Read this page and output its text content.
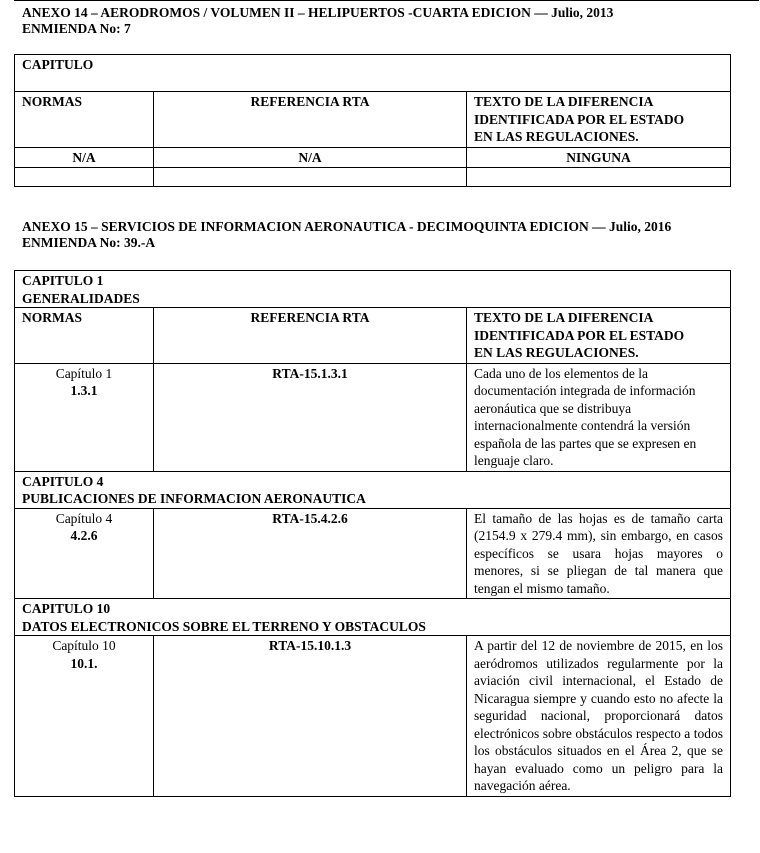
ANEXO 14 – AERODROMOS / VOLUMEN II – HELIPUERTOS -CUARTA EDICION — Julio, 2013
ENMIENDA No: 7
CAPITULO		
NORMAS	REFERENCIA RTA	TEXTO DE LA DIFERENCIA
IDENTIFICADA POR EL ESTADO
EN LAS REGULACIONES.

N/A	N/A	NINGUNA

ANEXO 15 – SERVICIOS DE INFORMACION AERONAUTICA - DECIMOQUINTA EDICION — Julio, 2016
ENMIENDA No: 39.-A
CAPITULO 1
GENERALIDADES		

NORMAS	REFERENCIA RTA	TEXTO DE LA DIFERENCIA
IDENTIFICADA POR EL ESTADO
EN LAS REGULACIONES.

Capítulo 1
1.3.1	RTA-15.1.3.1	Cada uno de los elementos de la documentación integrada de información aeronáutica que se distribuya internacionalmente contendrá la versión española de las partes que se expresen en lenguaje claro.

CAPITULO 4
PUBLICACIONES DE INFORMACION AERONAUTICA		

Capítulo 4
4.2.6	RTA-15.4.2.6	El tamaño de las hojas es de tamaño carta (2154.9 x 279.4 mm), sin embargo, en casos específicos se usara hojas mayores o menores, si se pliegan de tal manera que tengan el mismo tamaño.

CAPITULO 10
DATOS ELECTRONICOS SOBRE EL TERRENO Y OBSTACULOS		

Capítulo 10
10.1.	RTA-15.10.1.3	A partir del 12 de noviembre de 2015, en los aeródromos utilizados regularmente por la aviación civil internacional, el Estado de Nicaragua siempre y cuando esto no afecte la seguridad nacional, proporcionará datos electrónicos sobre obstáculos respecto a todos los obstáculos situados en el Área 2, que se hayan evaluado como un peligro para la navegación aérea.
